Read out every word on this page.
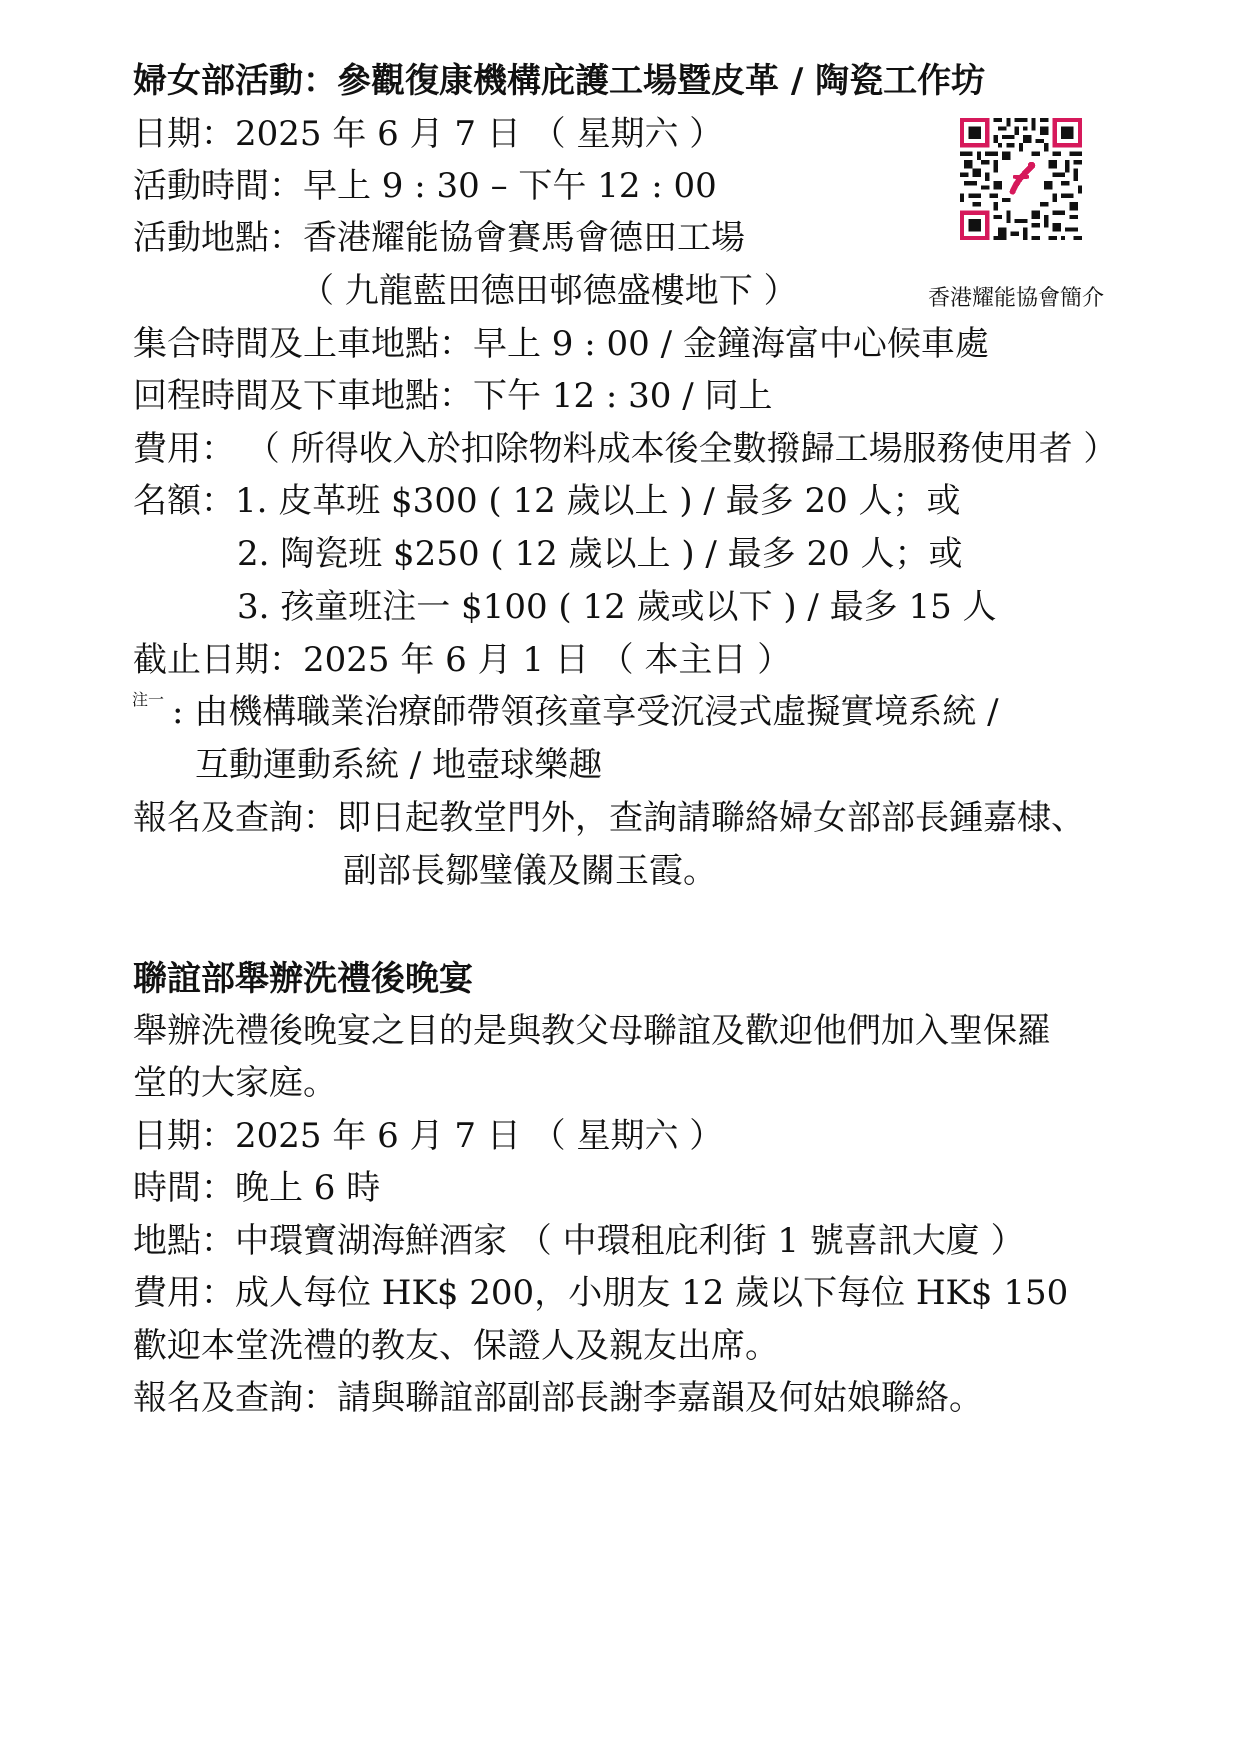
婦女部活動：參觀復康機構庇護工場暨皮革 / 陶瓷工作坊
日期：2025 年 6 月 7 日 （ 星期六 ）
活動時間：早上 9 : 30 – 下午 12 : 00
活動地點：香港耀能協會賽馬會德田工場
（ 九龍藍田德田邨德盛樓地下 ）
集合時間及上車地點：早上 9 : 00 / 金鐘海富中心候車處
回程時間及下車地點：下午 12 : 30 / 同上
費用： （ 所得收入於扣除物料成本後全數撥歸工場服務使用者 ）
名額：1. 皮革班 $300 ( 12 歲以上 ) / 最多 20 人；或
2. 陶瓷班 $250 ( 12 歲以上 ) / 最多 20 人；或
3. 孩童班注一 $100 ( 12 歲或以下 ) / 最多 15 人
截止日期：2025 年 6 月 1 日 （ 本主日 ）
注一 : 由機構職業治療師帶領孩童享受沉浸式虛擬實境系統 /
互動運動系統 / 地壺球樂趣
報名及查詢：即日起教堂門外，查詢請聯絡婦女部部長鍾嘉棣、
副部長鄒璧儀及關玉霞。
香港耀能協會簡介
聯誼部舉辦洗禮後晚宴
舉辦洗禮後晚宴之目的是與教父母聯誼及歡迎他們加入聖保羅
堂的大家庭。
日期：2025 年 6 月 7 日 （ 星期六 ）
時間：晚上 6 時
地點：中環寶湖海鮮酒家 （ 中環租庇利街 1 號喜訊大廈 ）
費用：成人每位 HK$ 200，小朋友 12 歲以下每位 HK$ 150
歡迎本堂洗禮的教友、保證人及親友出席。
報名及查詢：請與聯誼部副部長謝李嘉韻及何姑娘聯絡。
